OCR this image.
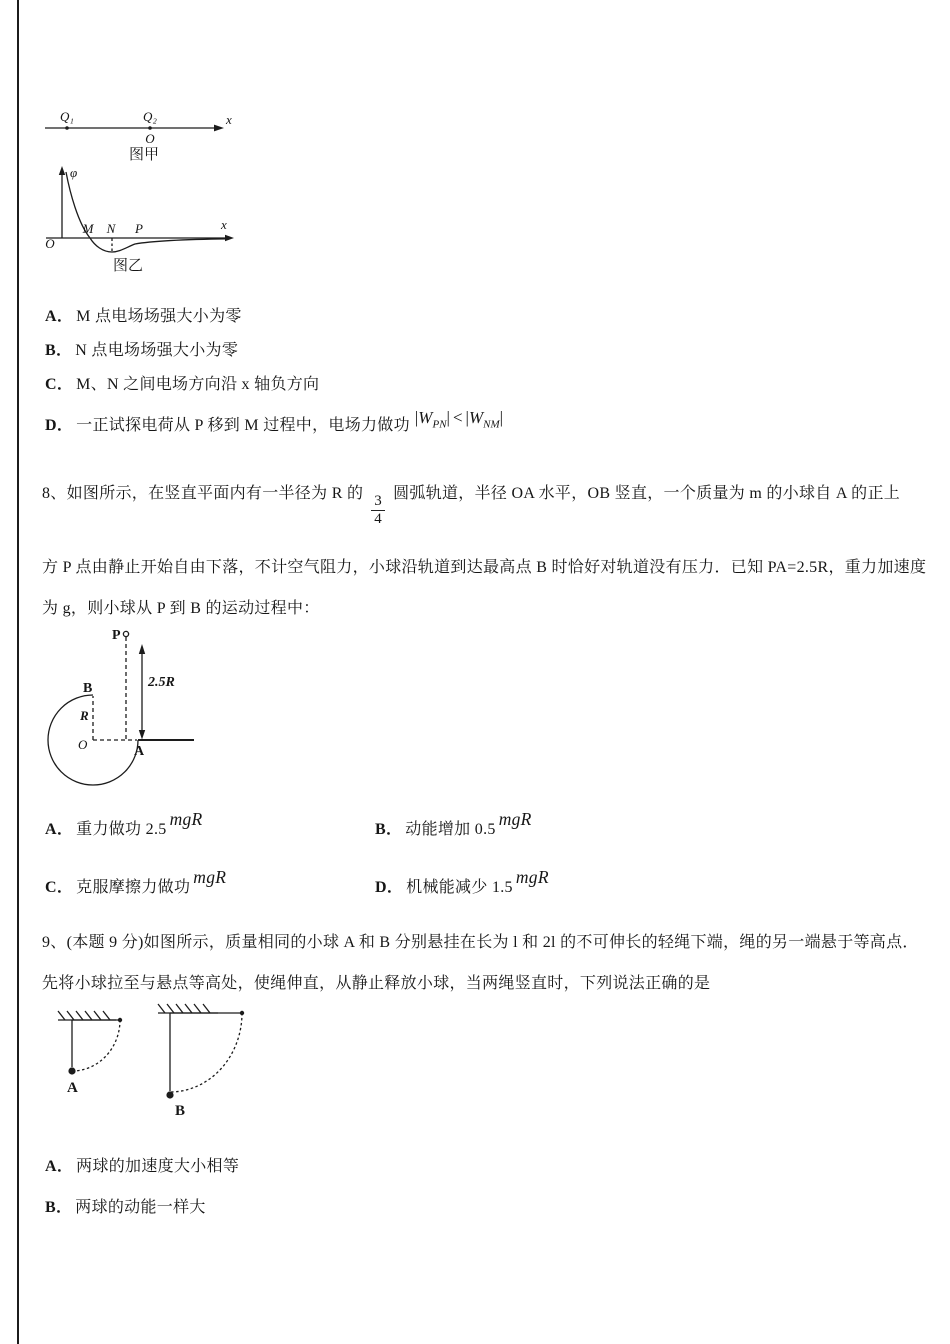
Q₁	Q₂	x
O
图甲
φ
x
O
M N P
图乙
A． M 点电场场强大小为零
B． N 点电场场强大小为零
C． M、N 之间电场方向沿 x 轴负方向
D． 一正试探电荷从 P 移到 M 过程中，电场力做功 $|W_{PN}| < |W_{NM}|$
8、如图所示，在竖直平面内有一半径为 R 的 $\frac{3}{4}$ 圆弧轨道，半径 OA 水平，OB 竖直，一个质量为 m 的小球自 A 的正上
方 P 点由静止开始自由下落，不计空气阻力，小球沿轨道到达最高点 B 时恰好对轨道没有压力．已知 PA=2.5R，重力加速度为 g，则小球从 P 到 B 的运动过程中：
P
2.5R
B
R
O	A
A． 重力做功 2.5mgR
B． 动能增加 0.5mgR
C． 克服摩擦力做功mgR
D． 机械能减少 1.5mgR
9、(本题 9 分)如图所示，质量相同的小球 A 和 B 分别悬挂在长为 l 和 2l 的不可伸长的轻绳下端，绳的另一端悬于等高点．先将小球拉至与悬点等高处，使绳伸直，从静止释放小球，当两绳竖直时，下列说法正确的是
A
B
A． 两球的加速度大小相等
B． 两球的动能一样大
